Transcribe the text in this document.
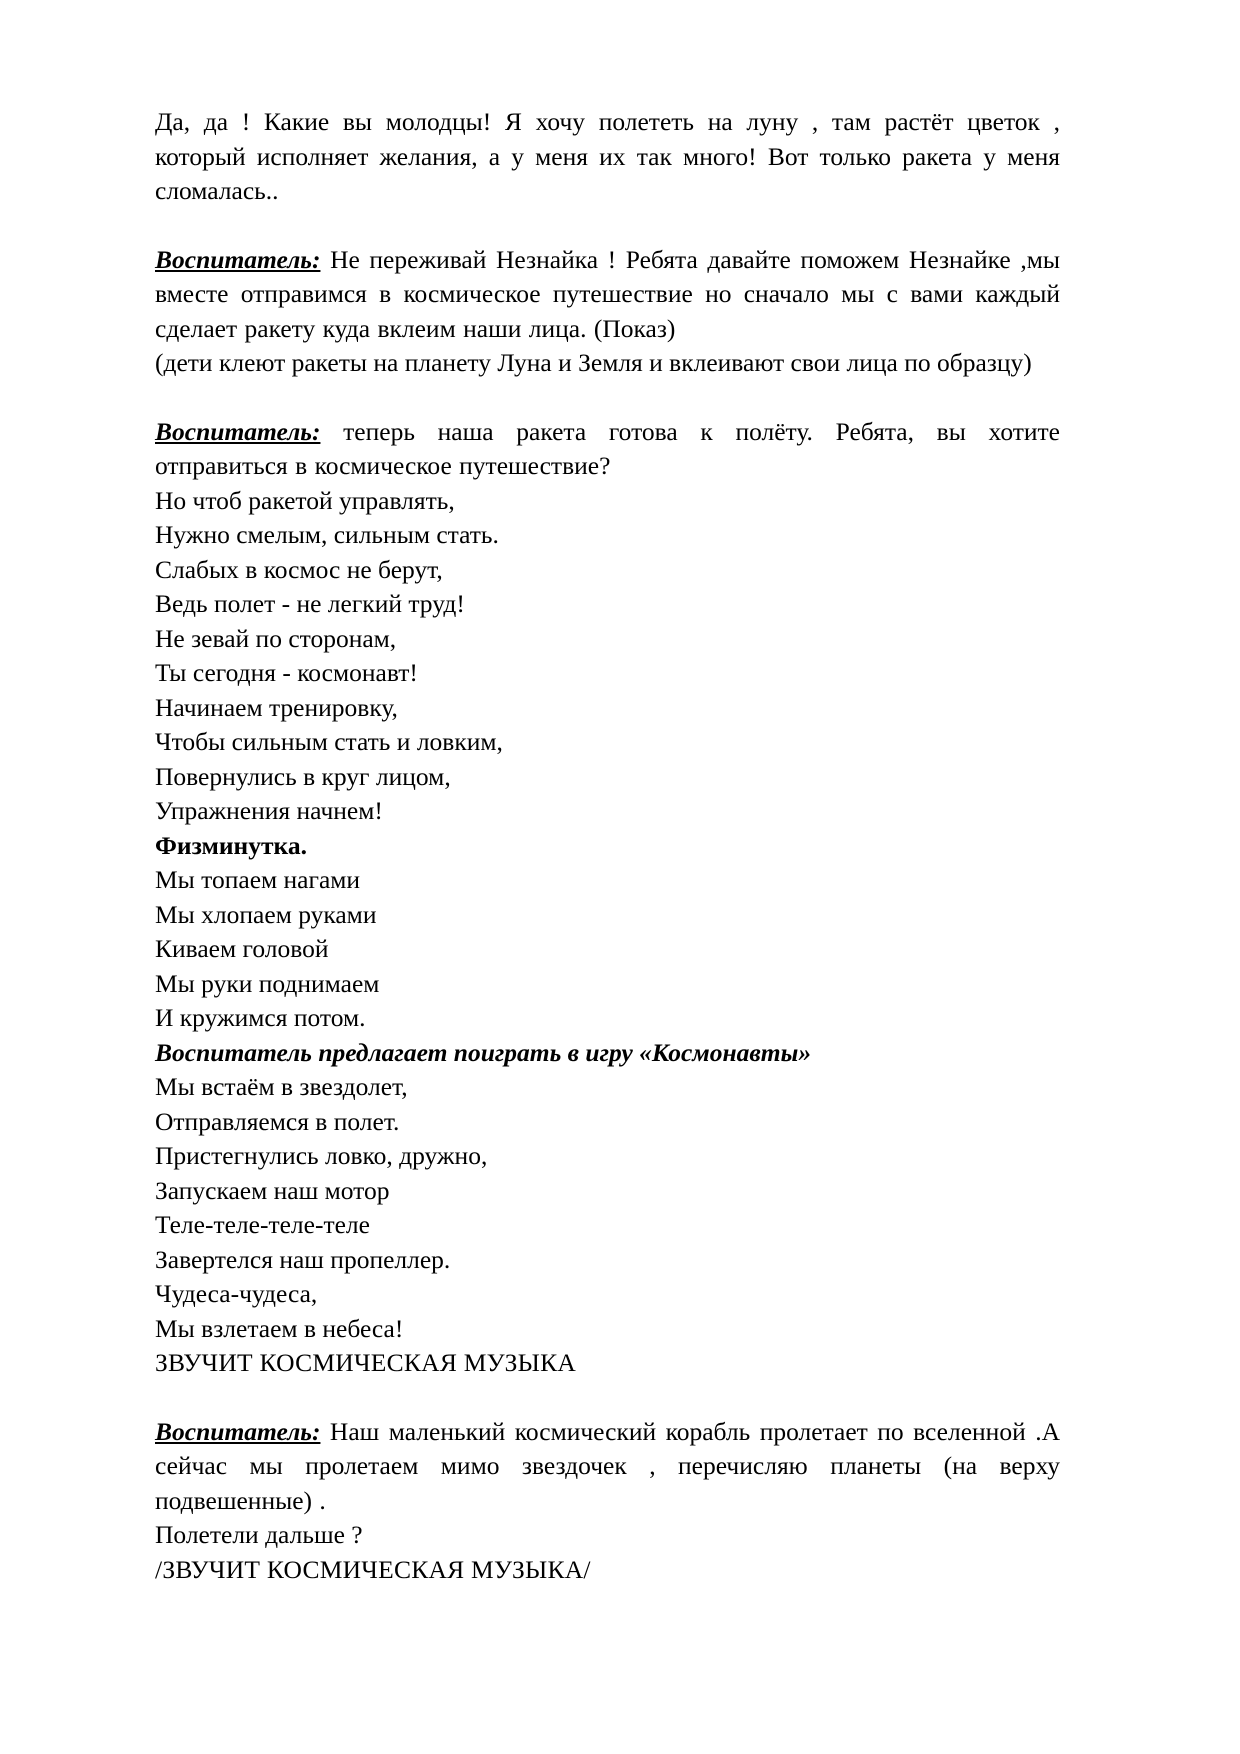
Да, да ! Какие вы молодцы! Я хочу полететь на луну , там растёт цветок , который исполняет желания, а у меня их так много! Вот только ракета у меня сломалась..

Воспитатель: Не переживай Незнайка ! Ребята давайте поможем Незнайке ,мы вместе отправимся в космическое путешествие но сначало мы с вами каждый сделает ракету куда вклеим наши лица. (Показ)

(дети клеют ракеты на планету Луна и Земля и вклеивают свои лица по образцу)

Воспитатель: теперь наша ракета готова к полёту. Ребята, вы хотите отправиться в космическое путешествие?

Но чтоб ракетой управлять,
Нужно смелым, сильным стать.
Слабых в космос не берут,
Ведь полет - не легкий труд!
Не зевай по сторонам,
Ты сегодня - космонавт!
Начинаем тренировку,
Чтобы сильным стать и ловким,
Повернулись в круг лицом,
Упражнения начнем!
Физминутка.
Мы топаем нагами
Мы хлопаем руками
Киваем головой
Мы руки поднимаем
И кружимся потом.
Воспитатель предлагает поиграть в игру «Космонавты»
Мы встаём в звездолет,
Отправляемся в полет.
Пристегнулись ловко, дружно,
Запускаем наш мотор
Теле-теле-теле-теле
Завертелся наш пропеллер.
Чудеса-чудеса,
Мы взлетаем в небеса!
ЗВУЧИТ КОСМИЧЕСКАЯ МУЗЫКА

Воспитатель: Наш маленький космический корабль пролетает по вселенной .А сейчас мы пролетаем мимо звездочек , перечисляю планеты (на верху подвешенные) .

Полетели дальше ?
/ЗВУЧИТ КОСМИЧЕСКАЯ МУЗЫКА/
